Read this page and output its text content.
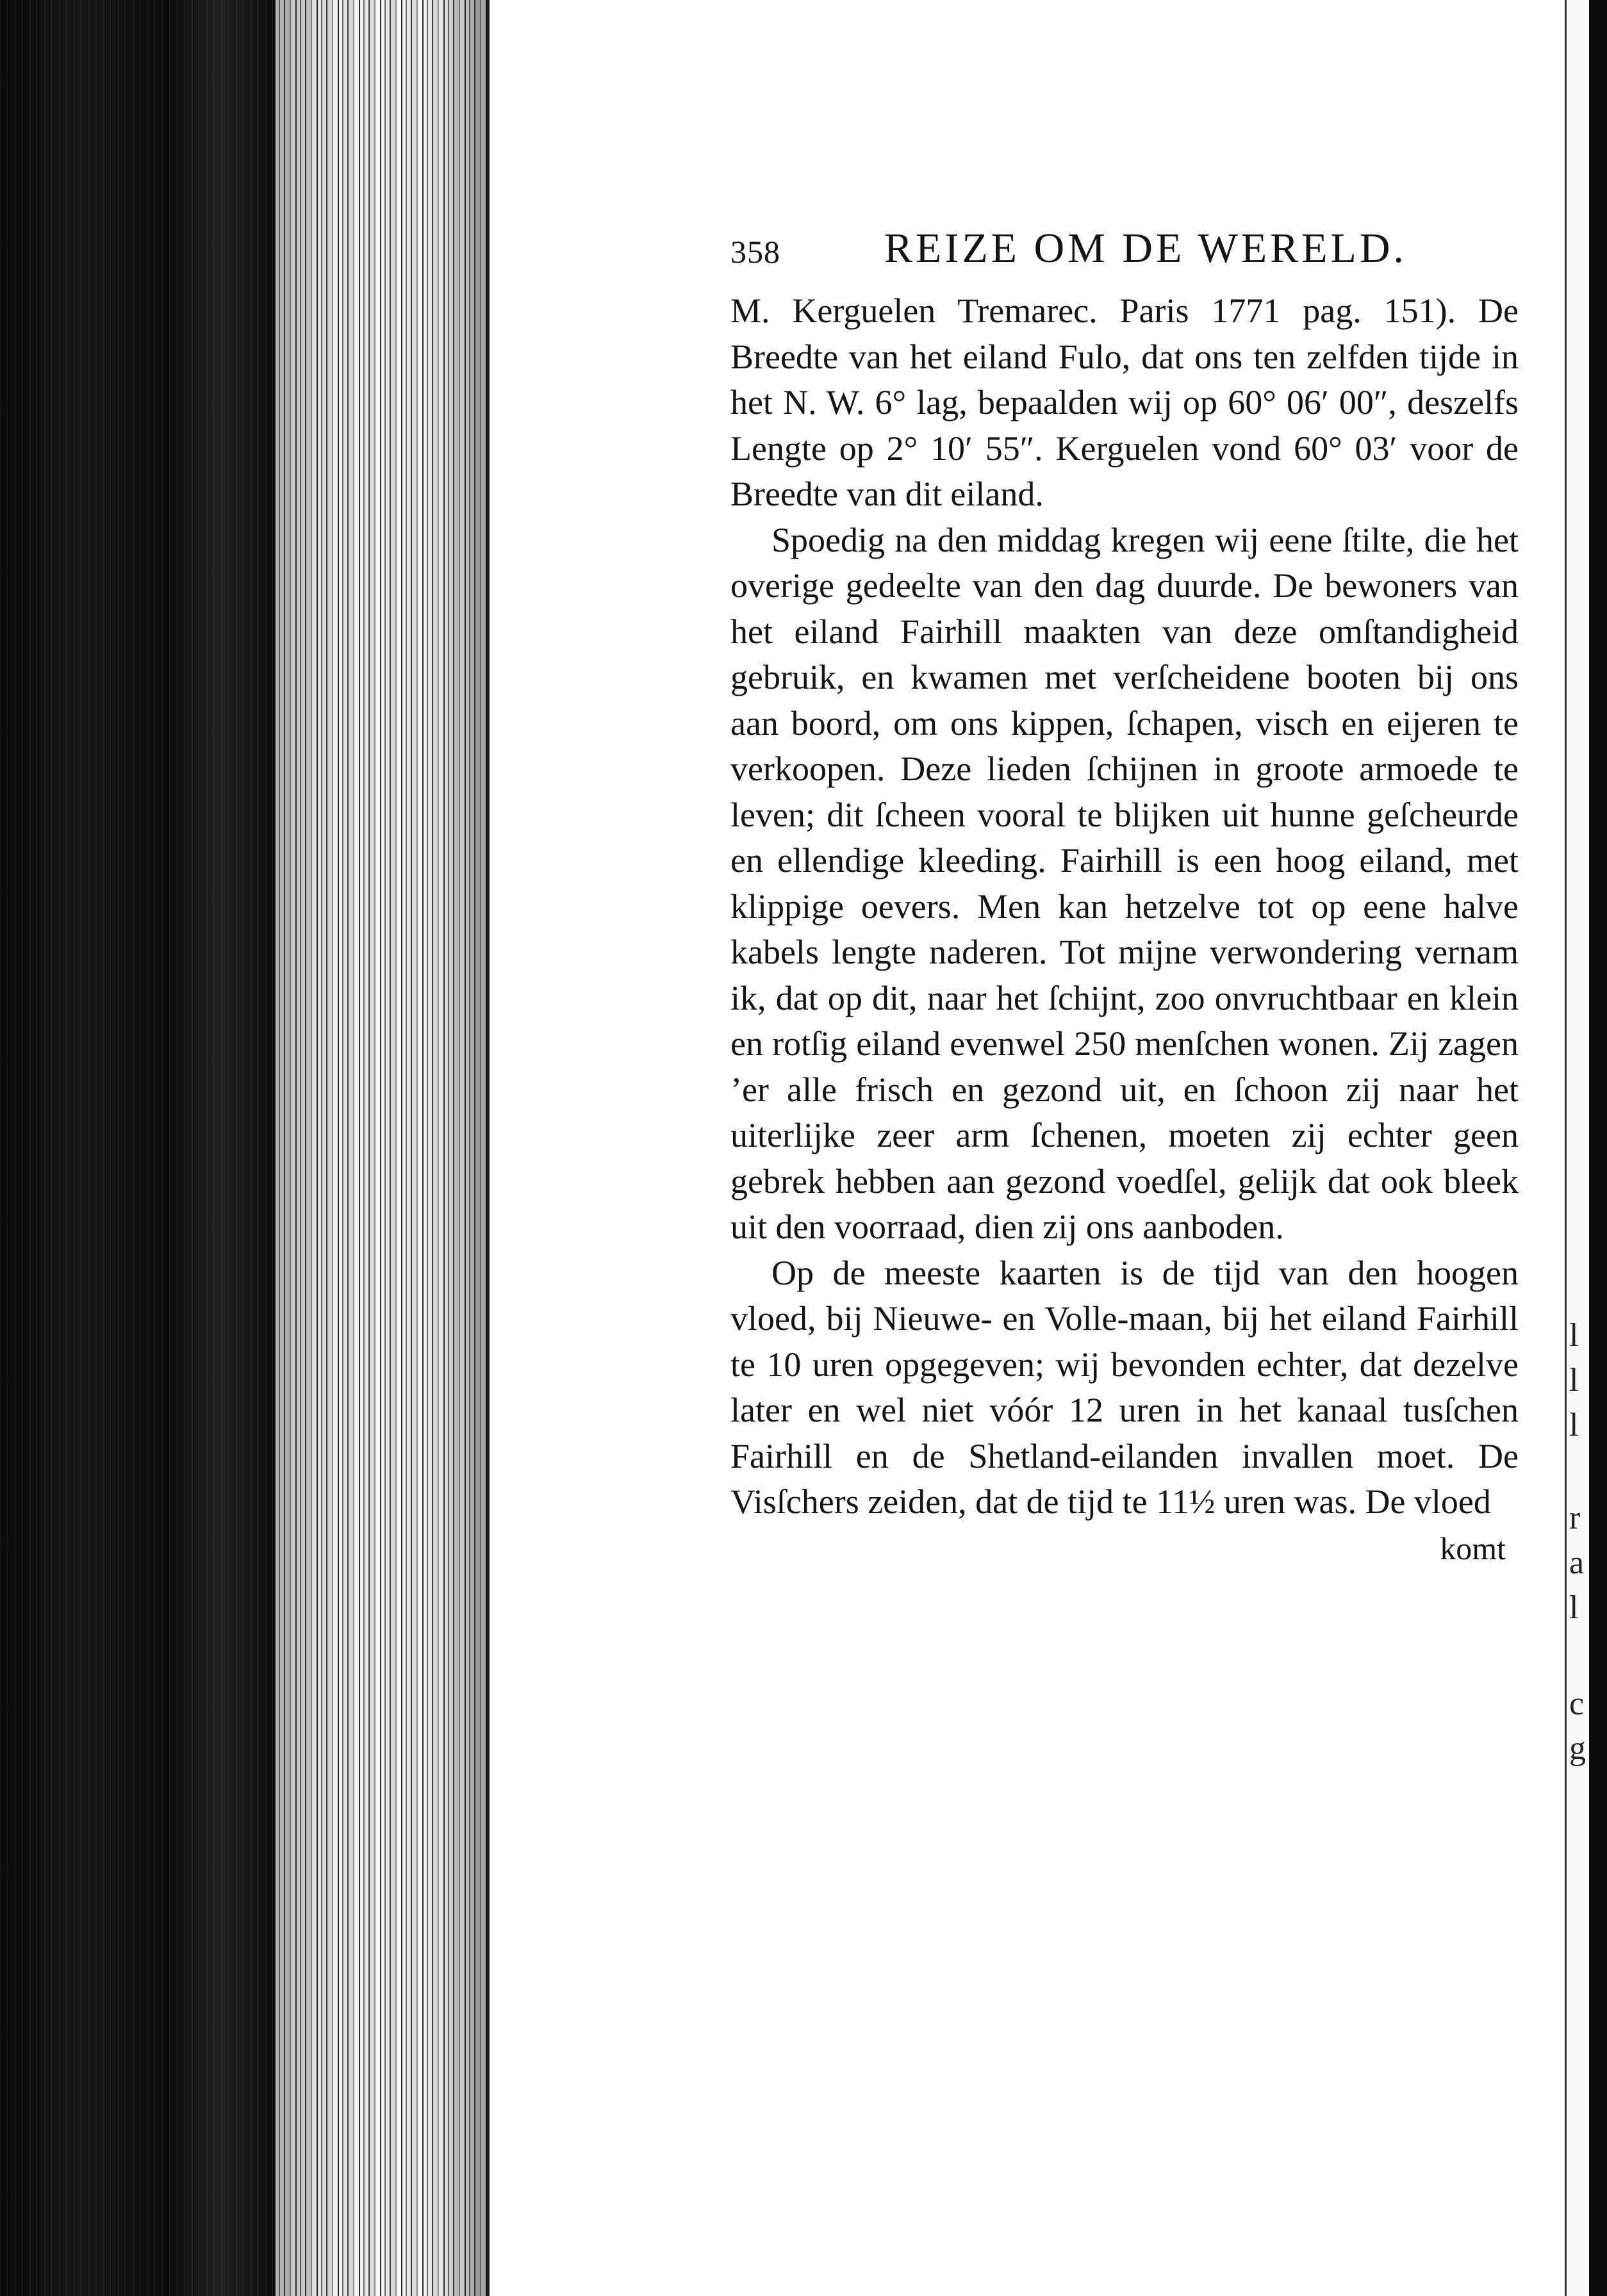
l
l
l
r
a
l
c
g
358 REIZE OM DE WERELD.

M. Kerguelen Tremarec. Paris 1771 pag. 151). De Breedte van het eiland Fulo, dat ons ten zelfden tijde in het N. W. 6° lag, bepaalden wij op 60° 06′ 00″, deszelfs Lengte op 2° 10′ 55″. Kerguelen vond 60° 03′ voor de Breedte van dit eiland.

Spoedig na den middag kregen wij eene ſtilte, die het overige gedeelte van den dag duurde. De bewoners van het eiland Fairhill maakten van deze omſtandigheid gebruik, en kwamen met verſcheidene booten bij ons aan boord, om ons kippen, ſchapen, visch en eijeren te verkoopen. Deze lieden ſchijnen in groote armoede te leven; dit ſcheen vooral te blijken uit hunne geſcheurde en ellendige kleeding. Fairhill is een hoog eiland, met klippige oevers. Men kan hetzelve tot op eene halve kabels lengte naderen. Tot mijne verwondering vernam ik, dat op dit, naar het ſchijnt, zoo onvruchtbaar en klein en rotſig eiland evenwel 250 menſchen wonen. Zij zagen ’er alle frisch en gezond uit, en ſchoon zij naar het uiterlijke zeer arm ſchenen, moeten zij echter geen gebrek hebben aan gezond voedſel, gelijk dat ook bleek uit den voorraad, dien zij ons aanboden.

Op de meeste kaarten is de tijd van den hoogen vloed, bij Nieuwe- en Volle-maan, bij het eiland Fairhill te 10 uren opgegeven; wij bevonden echter, dat dezelve later en wel niet vóór 12 uren in het kanaal tusſchen Fairhill en de Shetland-eilanden invallen moet. De Visſchers zeiden, dat de tijd te 11½ uren was. De vloed

komt
